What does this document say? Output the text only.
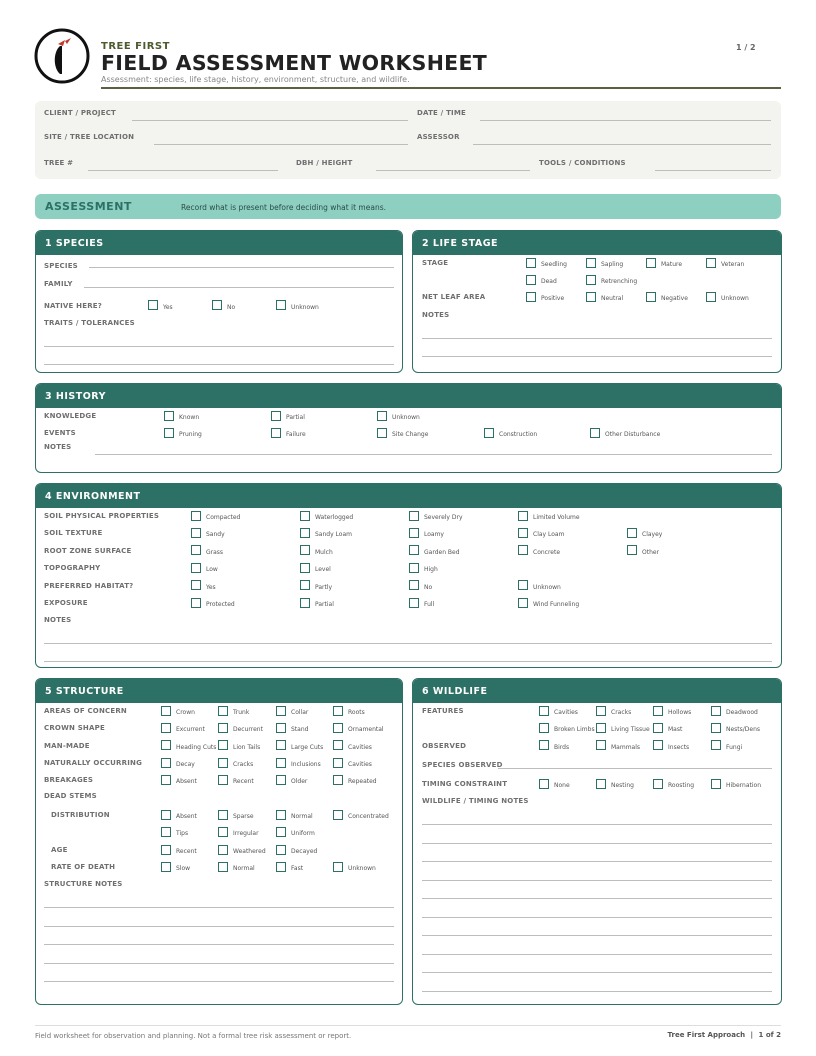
TREE FIRST
FIELD ASSESSMENT WORKSHEET
Assessment: species, life stage, history, environment, structure, and wildlife.
1 / 2
CLIENT / PROJECT	DATE / TIME
SITE / TREE LOCATION	ASSESSOR
TREE #	DBH / HEIGHT	TOOLS / CONDITIONS
ASSESSMENT	Record what is present before deciding what it means.
1 SPECIES	2 LIFE STAGE
3 HISTORY
4 ENVIRONMENT
5 STRUCTURE	6 WILDLIFE
SPECIES
FAMILY
NATIVE HERE?	Yes	No	Unknown
TRAITS / TOLERANCES
STAGE	Seedling	Sapling	Mature	Veteran
Dead	Retrenching
NET LEAF AREA	Positive	Neutral	Negative	Unknown
NOTES
KNOWLEDGE	Known	Partial	Unknown
EVENTS	Pruning	Failure	Site Change	Construction	Other Disturbance
NOTES
SOIL PHYSICAL PROPERTIES	Compacted	Waterlogged	Severely Dry	Limited Volume
SOIL TEXTURE	Sandy	Sandy Loam	Loamy	Clay Loam	Clayey
ROOT ZONE SURFACE	Grass	Mulch	Garden Bed	Concrete	Other
TOPOGRAPHY	Low	Level	High
PREFERRED HABITAT?	Yes	Partly	No	Unknown
EXPOSURE	Protected	Partial	Full	Wind Funneling
NOTES
AREAS OF CONCERN	Crown	Trunk	Collar	Roots
CROWN SHAPE	Excurrent	Decurrent	Stand	Ornamental
MAN-MADE	Heading Cuts	Lion Tails	Large Cuts	Cavities
NATURALLY OCCURRING	Decay	Cracks	Inclusions	Cavities
BREAKAGES	Absent	Recent	Older	Repeated
DEAD STEMS
DISTRIBUTION	Absent	Sparse	Normal	Concentrated
Tips	Irregular	Uniform
AGE	Recent	Weathered	Decayed
RATE OF DEATH	Slow	Normal	Fast	Unknown
STRUCTURE NOTES
FEATURES	Cavities	Cracks	Hollows	Deadwood
Broken Limbs	Living Tissue	Mast	Nests/Dens
OBSERVED	Birds	Mammals	Insects	Fungi
SPECIES OBSERVED
TIMING CONSTRAINT	None	Nesting	Roosting	Hibernation
WILDLIFE / TIMING NOTES
Field worksheet for observation and planning. Not a formal tree risk assessment or report.	Tree First Approach | 1 of 2
